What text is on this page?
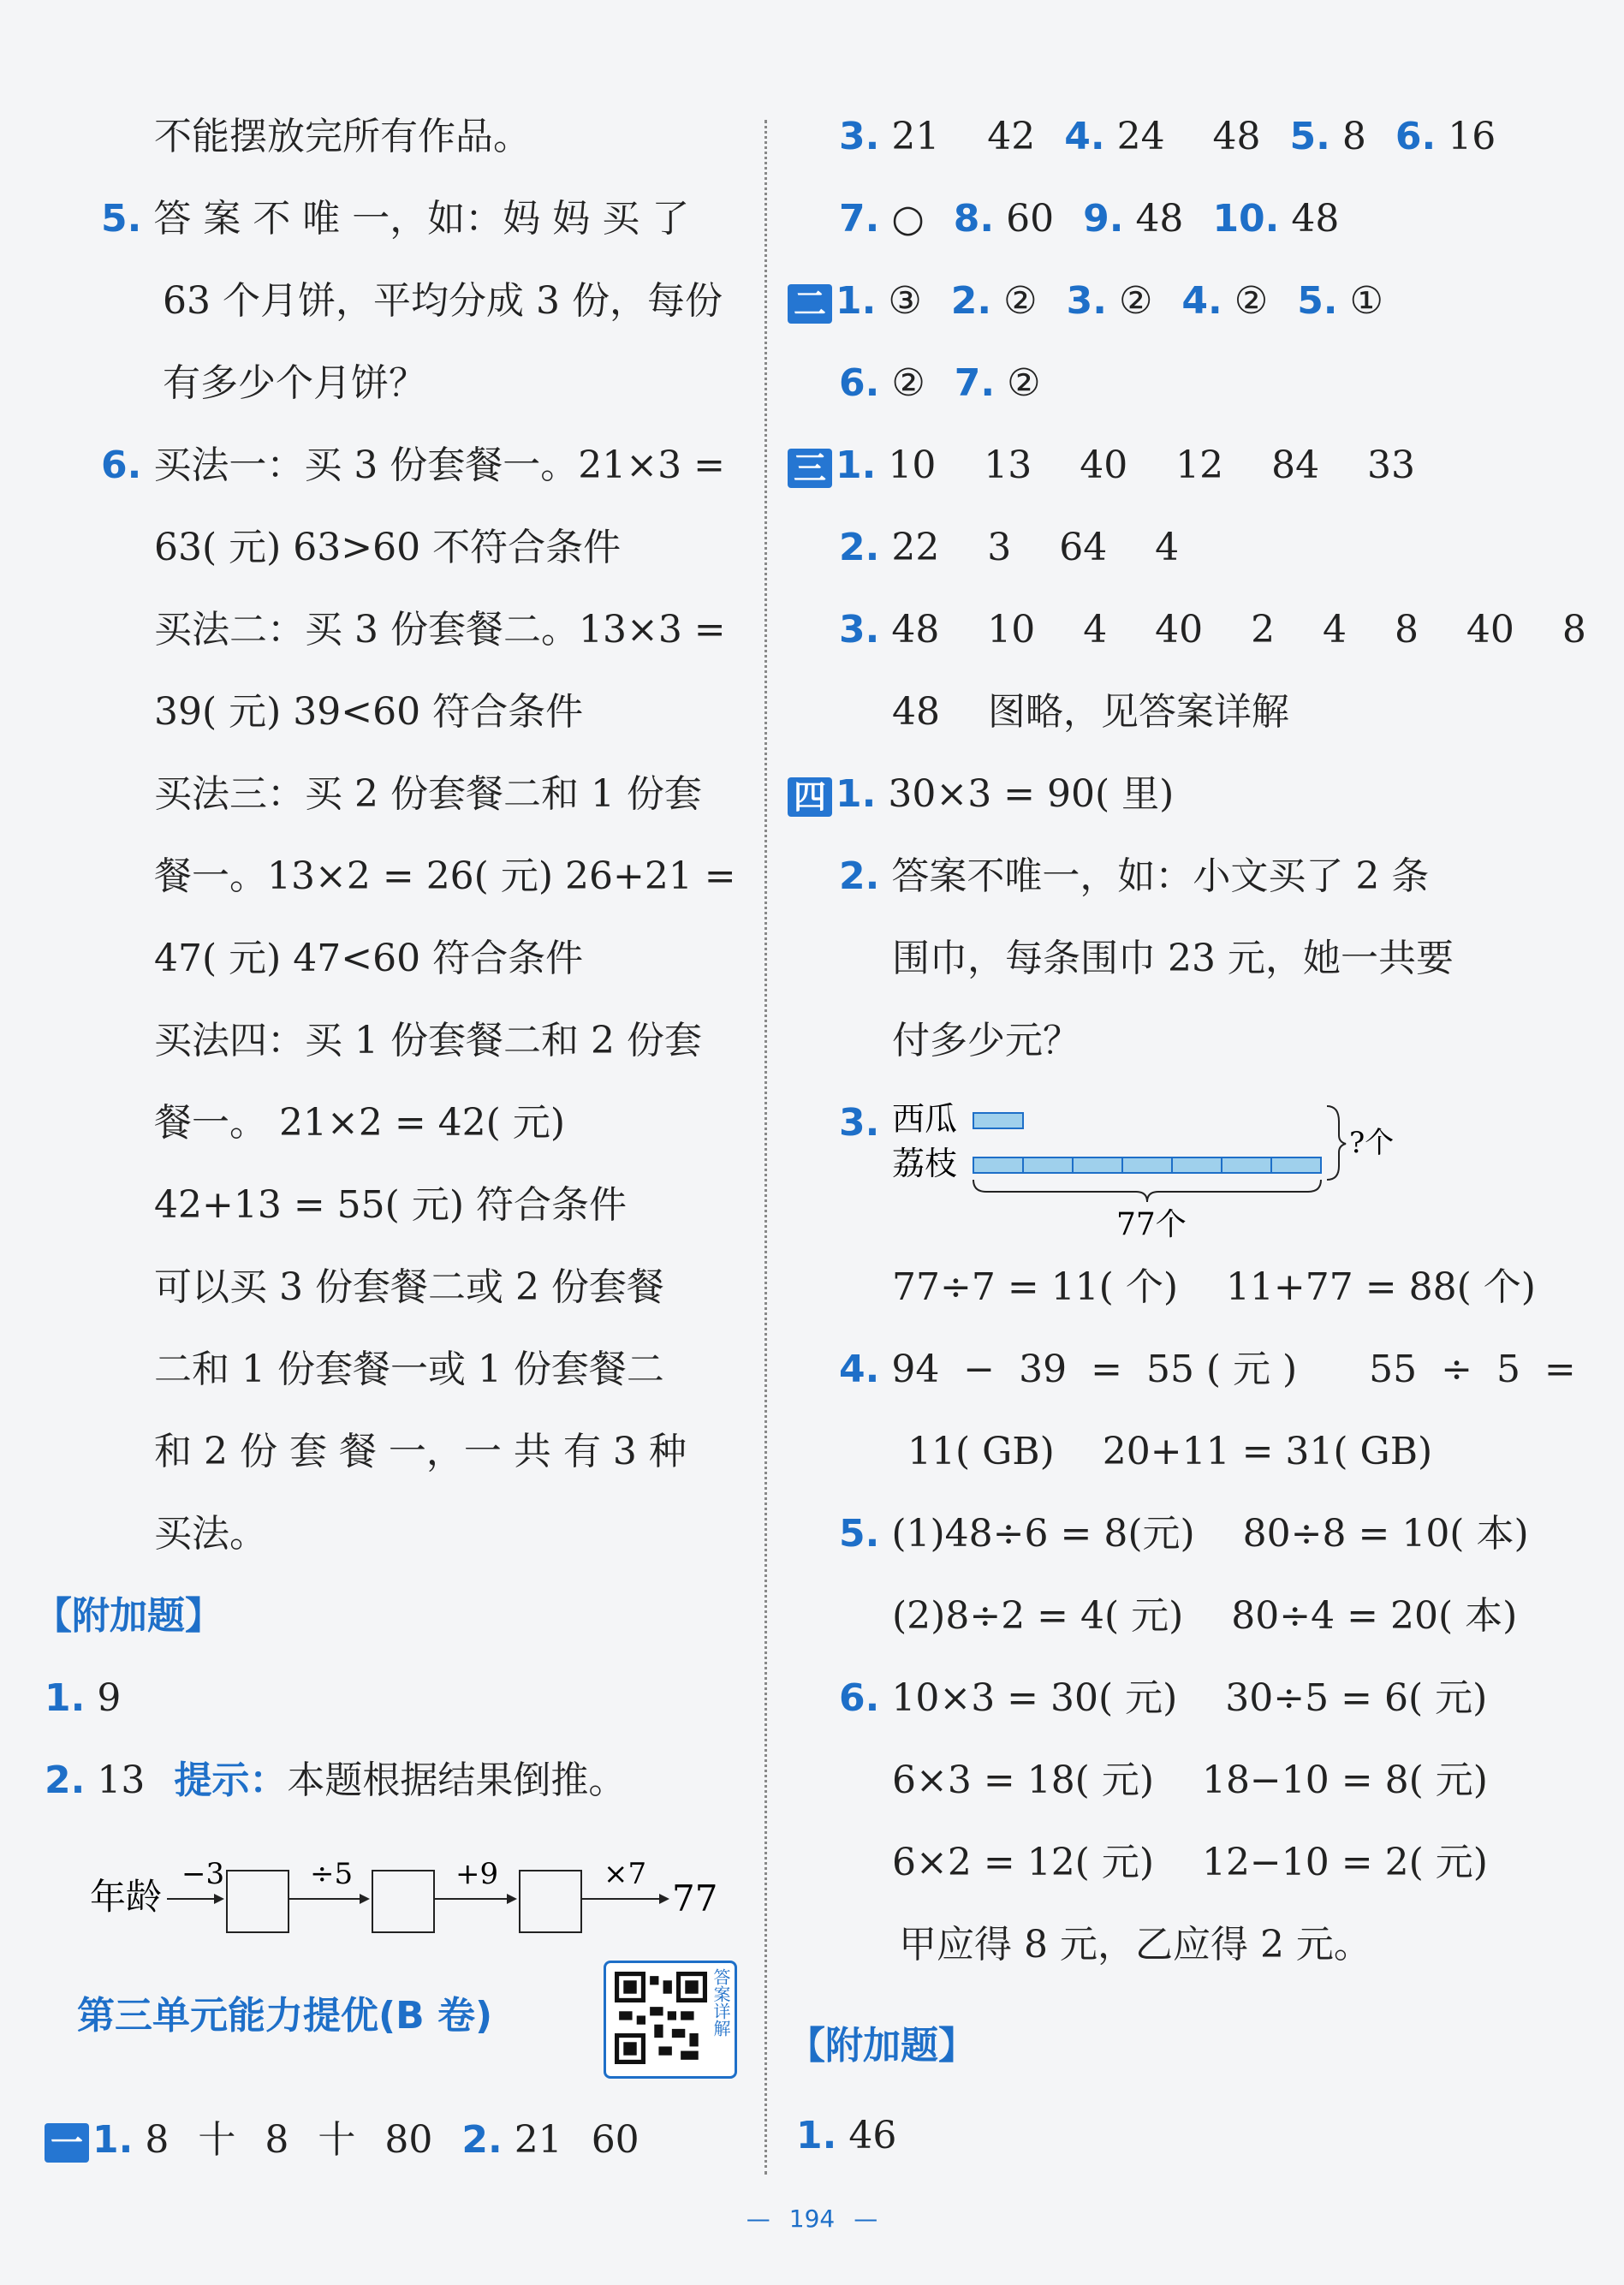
不能摆放完所有作品。
5. 答 案 不 唯 一，如：妈 妈 买 了
63 个月饼，平均分成 3 份，每份
有多少个月饼？
6. 买法一：买 3 份套餐一。21×3 =
63( 元) 63>60 不符合条件
买法二：买 3 份套餐二。13×3 =
39( 元) 39<60 符合条件
买法三：买 2 份套餐二和 1 份套
餐一。13×2 = 26( 元) 26+21 =
47( 元) 47<60 符合条件
买法四：买 1 份套餐二和 2 份套
餐一。 21×2 = 42( 元)
42+13 = 55( 元) 符合条件
可以买 3 份套餐二或 2 份套餐
二和 1 份套餐一或 1 份套餐二
和 2 份 套 餐 一，一 共 有 3 种
买法。
【附加题】
1. 9
2. 13 提示：本题根据结果倒推。
年龄
−3	÷5	+9	×7
77
第三单元能力提优(B 卷)	答案详解
一 1. 8 十 8 十 80 2. 21 60
3. 21    42 4. 24    48 5. 8 6. 16
7. ○ 8. 60 9. 48 10. 48
二 1. ③ 2. ② 3. ② 4. ② 5. ①
6. ② 7. ②
三 1. 10    13    40    12    84    33
2. 22    3    64    4
3. 48    10    4    40    2    4    8    40    8
48    图略，见答案详解
四 1. 30×3 = 90( 里)
2. 答案不唯一，如：小文买了 2 条
围巾，每条围巾 23 元，她一共要
付多少元？
3. 西瓜
荔枝
?个
77个
77÷7 = 11( 个)    11+77 = 88( 个)
4. 94  −  39  =  55 ( 元 )      55  ÷  5  =
11( GB)    20+11 = 31( GB)
5. (1)48÷6 = 8(元)    80÷8 = 10( 本)
(2)8÷2 = 4( 元)    80÷4 = 20( 本)
6. 10×3 = 30( 元)    30÷5 = 6( 元)
6×3 = 18( 元)    18−10 = 8( 元)
6×2 = 12( 元)    12−10 = 2( 元)
甲应得 8 元，乙应得 2 元。
【附加题】
1. 46
— 194 —
